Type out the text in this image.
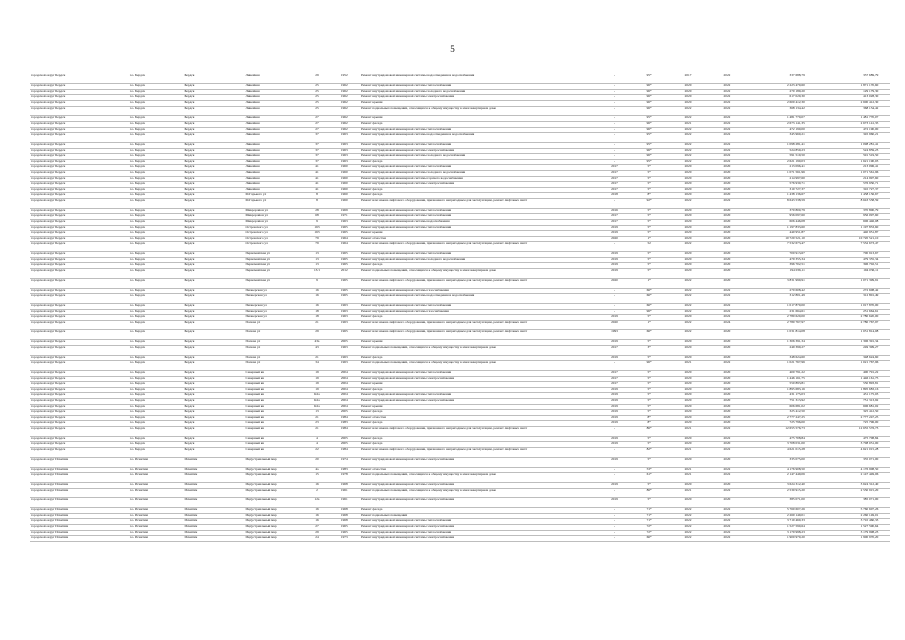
5
городской округ Бердск	г.о. Бердск	Бердск	Линейная	29	1952	Ремонт внутридомовой инженерной системы водоотведения и водоснабжения	-	95*	2017	2022	337 688,79	337 689,79	
городской округ Бердск	г.о. Бердск	Бердск	Линейная	25	1962	Ремонт внутридомовой инженерной системы теплоснабжения	-	96*	2020	2022	2 223 470,60	1 871 170,60	
городской округ Бердск	г.о. Бердск	Бердск	Линейная	25	1962	Ремонт внутридомовой инженерной системы холодного водоснабжения	-	96*	2020	2022	270 189,20	129 179,30	
городской округ Бердск	г.о. Бердск	Бердск	Линейная	25	1962	Ремонт внутридомовой инженерной системы электроснабжения	-	96*	2020	2022	617 029,30	413 028,30	
городской округ Бердск	г.о. Бердск	Бердск	Линейная	25	1962	Ремонт крыши	-	96*	2020	2022	2 600 412,30	2 600 412,30	
городской округ Бердск	г.о. Бердск	Бердск	Линейная	25	1962	Ремонт подвальных помещений, относящихся к общему имуществу в многоквартирном доме	-	96*	2022	2022	368 134,42	368 134,42	
городской округ Бердск	г.о. Бердск	Бердск	Линейная	27	1962	Ремонт крыши	-	95*	2022	2022	1 481 770,07	1 481 770,07	
городской округ Бердск	г.о. Бердск	Бердск	Линейная	27	1962	Ремонт фасада	-	96*	2021	2022	2 673 141,35	2 673 141,35	
городской округ Бердск	г.о. Бердск	Бердск	Линейная	27	1962	Ремонт внутридомовой инженерной системы теплоснабжения	-	96*	2022	2022	472 190,00	472 190,00	
городской округ Бердск	г.о. Бердск	Бердск	Линейная	37	1963	Ремонт внутридомовой инженерной системы водоотведения и водоснабжения	-	95*	2022	2022	345 960,21	345 960,21	
городской округ Бердск	г.о. Бердск	Бердск	Линейная	37	1963	Ремонт внутридомовой инженерной системы теплоснабжения	-	95*	2022	2022	1 098 281,41	1 098 281,41	
городской округ Бердск	г.о. Бердск	Бердск	Линейная	37	1963	Ремонт внутридомовой инженерной системы электроснабжения	-	96*	2022	2022	524 859,23	524 859,23	
городской округ Бердск	г.о. Бердск	Бердск	Линейная	37	1963	Ремонт внутридомовой инженерной системы холодного водоснабжения	-	96*	2022	2022	591 519,50	591 519,50	
городской округ Бердск	г.о. Бердск	Бердск	Линейная	37	1963	Ремонт фасада	-	95*	2022	2022	2 621 190,03	1 621 190,03	
городской округ Бердск	г.о. Бердск	Бердск	Линейная	41	1960	Ремонт внутридомовой инженерной системы теплоснабжения	2017	5*	2020	2020	213 096,41	213 096,41	
городской округ Бердск	г.о. Бердск	Бердск	Линейная	41	1960	Ремонт внутридомовой инженерной системы холодного водоснабжения	2017	5*	2020	2020	1 071 561,96	1 071 561,96	
городской округ Бердск	г.о. Бердск	Бердск	Линейная	41	1960	Ремонт внутридомовой инженерной системы горячего водоснабжения	2017	5*	2020	2020	214 997,60	214 997,60	
городской округ Бердск	г.о. Бердск	Бердск	Линейная	41	1960	Ремонт внутридомовой инженерной системы электроснабжения	2017	5*	2020	2020	576 930,71	576 930,71	
городской округ Бердск	г.о. Бердск	Бердск	Линейная	41	1960	Ремонт фасада	2017	5*	2020	2020	310 727,37	310 727,37	
городской округ Бердск	г.о. Бердск	Бердск	М.Горького ул	8	1960	Ремонт фасада	2018	8*	2020	2020	1 438 136,67	1 438 136,67	
городской округ Бердск	г.о. Бердск	Бердск	М.Горького ул	8	1960	Ремонт или замена лифтового оборудования, признанного непригодным для эксплуатации, ремонт лифтовых шахт	-	92*	2022	2022	8 643 538,59	8 643 538,59	
городской округ Бердск	г.о. Бердск	Бердск	Микрорайон ул	28	1969	Ремонт внутридомовой инженерной системы теплоснабжения	2016	5*	2020	2020	370 800,79	370 800,79	
городской округ Бердск	г.о. Бердск	Бердск	Микрорайон ул	68	1971	Ремонт внутридомовой инженерной системы теплоснабжения	2017	5*	2020	2020	956 097,60	956 097,60	
городской округ Бердск	г.о. Бердск	Бердск	Микрорайон ул	9	1963	Ремонт внутридомовой инженерной системы водоснабжения	2017	5*	2020	2020	606 446,08	606 446,08	
городской округ Бердск	г.о. Бердск	Бердск	Островского ул	163	1965	Ремонт внутридомовой инженерной системы теплоснабжения	2019	5*	2020	2020	1 197 833,60	1 197 833,60	
городской округ Бердск	г.о. Бердск	Бердск	Островского ул	163	1965	Ремонт крыши	2019	5*	2020	2020	440 951,87	440 951,87	
городской округ Бердск	г.о. Бердск	Бердск	Островского ул	79	1964	Ремонт отмостки	2020	1*	2020	2020	10 720 521,10	10 720 521,10	
городской округ Бердск	г.о. Бердск	Бердск	Островского ул	79	1964	Ремонт или замена лифтового оборудования, признанного непригодным для эксплуатации, ремонт лифтовых шахт	-	52	2022	2022	7 532 673,47	7 532 673,47	
городской округ Бердск	г.о. Бердск	Бердск	Первомайская ул	13	1965	Ремонт внутридомовой инженерной системы теплоснабжения	2019	5*	2020	2020	700 913,67	700 913,67	
городской округ Бердск	г.о. Бердск	Бердск	Первомайская ул	13	1965	Ремонт внутридомовой инженерной системы холодного водоснабжения	2019	5*	2020	2020	479 355,34	479 355,34	
городской округ Бердск	г.о. Бердск	Бердск	Первомайская ул	13	1965	Ремонт фасада	2019	5*	2020	2020	396 702,51	396 702,51	
городской округ Бердск	г.о. Бердск	Бердск	Первомайская ул	13/1	2012	Ремонт подвальных помещений, относящихся к общему имуществу в многоквартирном доме	2019	5*	2020	2020	194 036,11	194 036,11	
городской округ Бердск	г.о. Бердск	Бердск	Первомайская ул	9	1965	Ремонт или замена лифтового оборудования, признанного непригодным для эксплуатации, ремонт лифтовых шахт	2020	1*	2022	2020	3 831 999,91	1 071 399,91	
городской округ Бердск	г.о. Бердск	Бердск	Пионерская ул	16	1965	Ремонт внутридомовой инженерной системы газоснабжения	-	66*	2022	2022	270 608,42	272 608,42	
городской округ Бердск	г.о. Бердск	Бердск	Пионерская ул	16	1965	Ремонт внутридомовой инженерной системы водоотведения и водоснабжения	-	66*	2022	2022	312 801,49	312 801,49	
городской округ Бердск	г.о. Бердск	Бердск	Пионерская ул	16	1963	Ремонт внутридомовой инженерной системы теплоснабжения	-	66*	2022	2022	1 017 870,00	1 017 870,00	
городской округ Бердск	г.о. Бердск	Бердск	Пионерская ул	18	1963	Ремонт внутридомовой инженерной системы газоснабжения	-	96*	2022	2022	231 664,61	231 664,61	
городской округ Бердск	г.о. Бердск	Бердск	Пионерская ул	18	1963	Ремонт фасада	2019	5*	2020	2022	2 780 620,00	2 780 620,00	
городской округ Бердск	г.о. Бердск	Бердск	Попова ул	21	1963	Ремонт или замена лифтового оборудования, признанного непригодным для эксплуатации, ремонт лифтовых шахт	2020	1*	2022	2024	2 780 767,97	2 780 767,97	
городской округ Бердск	г.о. Бердск	Бердск	Попова ул	29	1965	Ремонт или замена лифтового оборудования, признанного непригодным для эксплуатации, ремонт лифтовых шахт	1993	66*	2022	2020	1 031 814,08	1 031 814,08	
городской округ Бердск	г.о. Бердск	Бердск	Попова ул	43а	2005	Ремонт крыши	2019	5*	2020	2020	1 306 391,34	1 306 391,34	
городской округ Бердск	г.о. Бердск	Бердск	Попова ул	43	1963	Ремонт подвальных помещений, относящихся к общему имуществу в многоквартирном доме	2017	3*	2020	2020	249 399,27	249 399,27	
городской округ Бердск	г.о. Бердск	Бердск	Попова ул	21	1963	Ремонт фасада	2019	5*	2020	2020	348 624,60	348 624,60	
городской округ Бердск	г.о. Бердск	Бердск	Попова ул	34	1963	Ремонт подвальных помещений, относящихся к общему имуществу в многоквартирном доме	-	96*	2021	2022	1 021 767,96	1 021 767,96	
городской округ Бердск	г.о. Бердск	Бердск	Северный кв	19	2004	Ремонт внутридомовой инженерной системы теплоснабжения	2017	5*	2020	2020	400 791,22	400 791,22	
городской округ Бердск	г.о. Бердск	Бердск	Северный кв	19	2004	Ремонт внутридомовой инженерной системы электроснабжения	2017	5*	2020	2020	1 446 161,75	1 446 161,75	
городской округ Бердск	г.о. Бердск	Бердск	Северный кв	19	2004	Ремонт крыши	2017	5*	2020	2020	550 893,81	550 893,81	
городской округ Бердск	г.о. Бердск	Бердск	Северный кв	19	2004	Ремонт фасада	2019	5*	2020	2020	1 895 683,16	1 895 683,16	
городской округ Бердск	г.о. Бердск	Бердск	Северный кв	К2а	2004	Ремонт внутридомовой инженерной системы теплоснабжения	2019	5*	2020	2020	431 175,03	431 175,03	
городской округ Бердск	г.о. Бердск	Бердск	Северный кв	К2а	2004	Ремонт внутридомовой инженерной системы электроснабжения	2019	5*	2020	2020	751 313,92	751 313,92	
городской округ Бердск	г.о. Бердск	Бердск	Северный кв	К2а	2004	Ремонт крыши	2019	5*	2020	2020	606 681,02	606 681,02	
городской округ Бердск	г.о. Бердск	Бердск	Северный кв	13	2005	Ремонт фасада	2019	5*	2020	2020	325 412,50	325 412,50	
городской округ Бердск	г.о. Бердск	Бердск	Северный кв	21	1984	Ремонт отмостки	2019	8*	2020	2020	2 777 247,25	2 777 247,25	
городской округ Бердск	г.о. Бердск	Бердск	Северный кв	23	1983	Ремонт фасада	2019	8*	2020	2020	725 796,00	725 796,00	
городской округ Бердск	г.о. Бердск	Бердск	Северный кв	21	1984	Ремонт или замена лифтового оборудования, признанного непригодным для эксплуатации, ремонт лифтовых шахт	-	86*	2021	2022	12 655 576,73	12 655 576,73	
городской округ Бердск	г.о. Бердск	Бердск	Северный кв	4	2005	Ремонт фасада	2019	5*	2020	2022	475 708,84	475 708,84	
городской округ Бердск	г.о. Бердск	Бердск	Северный кв	4	2005	Ремонт фасада	2019	5*	2020	2020	3 708 031,00	3 708 031,00	
городской округ Бердск	г.о. Бердск	Бердск	Северный кв	22	1984	Ремонт или замена лифтового оборудования, признанного непригодным для эксплуатации, ремонт лифтовых шахт	-	82*	2021	2022	4 621 015,28	4 621 015,28	
городской округ Искитим	г.о. Искитим	Искитим	Индустриальный мкр	20	1974	Ремонт внутридомовой инженерной системы электроснабжения	2019	5*	2020	2020	335 075,00	335 071,00	
городской округ Искитим	г.о. Искитим	Искитим	Индустриальный мкр	4а	1983	Ремонт отмостки	-	53*	2021	2022	4 176 908,50	4 176 908,50	
городской округ Искитим	г.о. Искитим	Искитим	Индустриальный мкр	15	1978	Ремонт подвальных помещений, относящихся к общему имуществу в многоквартирном доме	-	61*	2021	2022	2 147 449,06	2 147 449,06	
городской округ Искитим	г.о. Искитим	Искитим	Индустриальный мкр	16	1968	Ремонт внутридомовой инженерной системы электроснабжения	2019	5*	2020	2020	3 624 312,40	3 624 312,40	
городской округ Искитим	г.о. Искитим	Искитим	Индустриальный мкр	2	1961	Ремонт подвальных помещений, относящихся к общему имуществу в многоквартирном доме	-	86*	2021	2022	2 530 915,20	2 530 915,20	
городской округ Искитим	г.о. Искитим	Искитим	Индустриальный мкр	12а	1961	Ремонт внутридомовой инженерной системы электроснабжения	2019	5*	2020	2020	385 071,00	385 071,00	
городской округ Искитим	г.о. Искитим	Искитим	Индустриальный мкр	16	1968	Ремонт фасада	-	71*	2022	2022	5 760 607,26	5 760 607,26	
городской округ Искитим	г.о. Искитим	Искитим	Индустриальный мкр	16	1968	Ремонт подвальных помещений	-	71*	2022	2022	2 260 149,01	2 260 149,01	
городской округ Искитим	г.о. Искитим	Искитим	Индустриальный мкр	16	1968	Ремонт внутридомовой инженерной системы теплоснабжения	-	71*	2022	2022	3 710 460,33	3 710 460,33	
городской округ Искитим	г.о. Искитим	Искитим	Индустриальный мкр	27	1965	Ремонт внутридомовой инженерной системы электроснабжения	-	72*	2022	2022	1 527 590,64	1 527 590,64	
городской округ Искитим	г.о. Искитим	Искитим	Индустриальный мкр	29	1965	Ремонт внутридомовой инженерной системы теплоснабжения	-	72*	2022	2022	3 179 998,23	3 179 998,23	
городской округ Искитим	г.о. Искитим	Искитим	Индустриальный мкр	24	1973	Ремонт внутридомовой инженерной системы электроснабжения	-	66*	2022	2022	1 900 970,20	1 900 970,20	
